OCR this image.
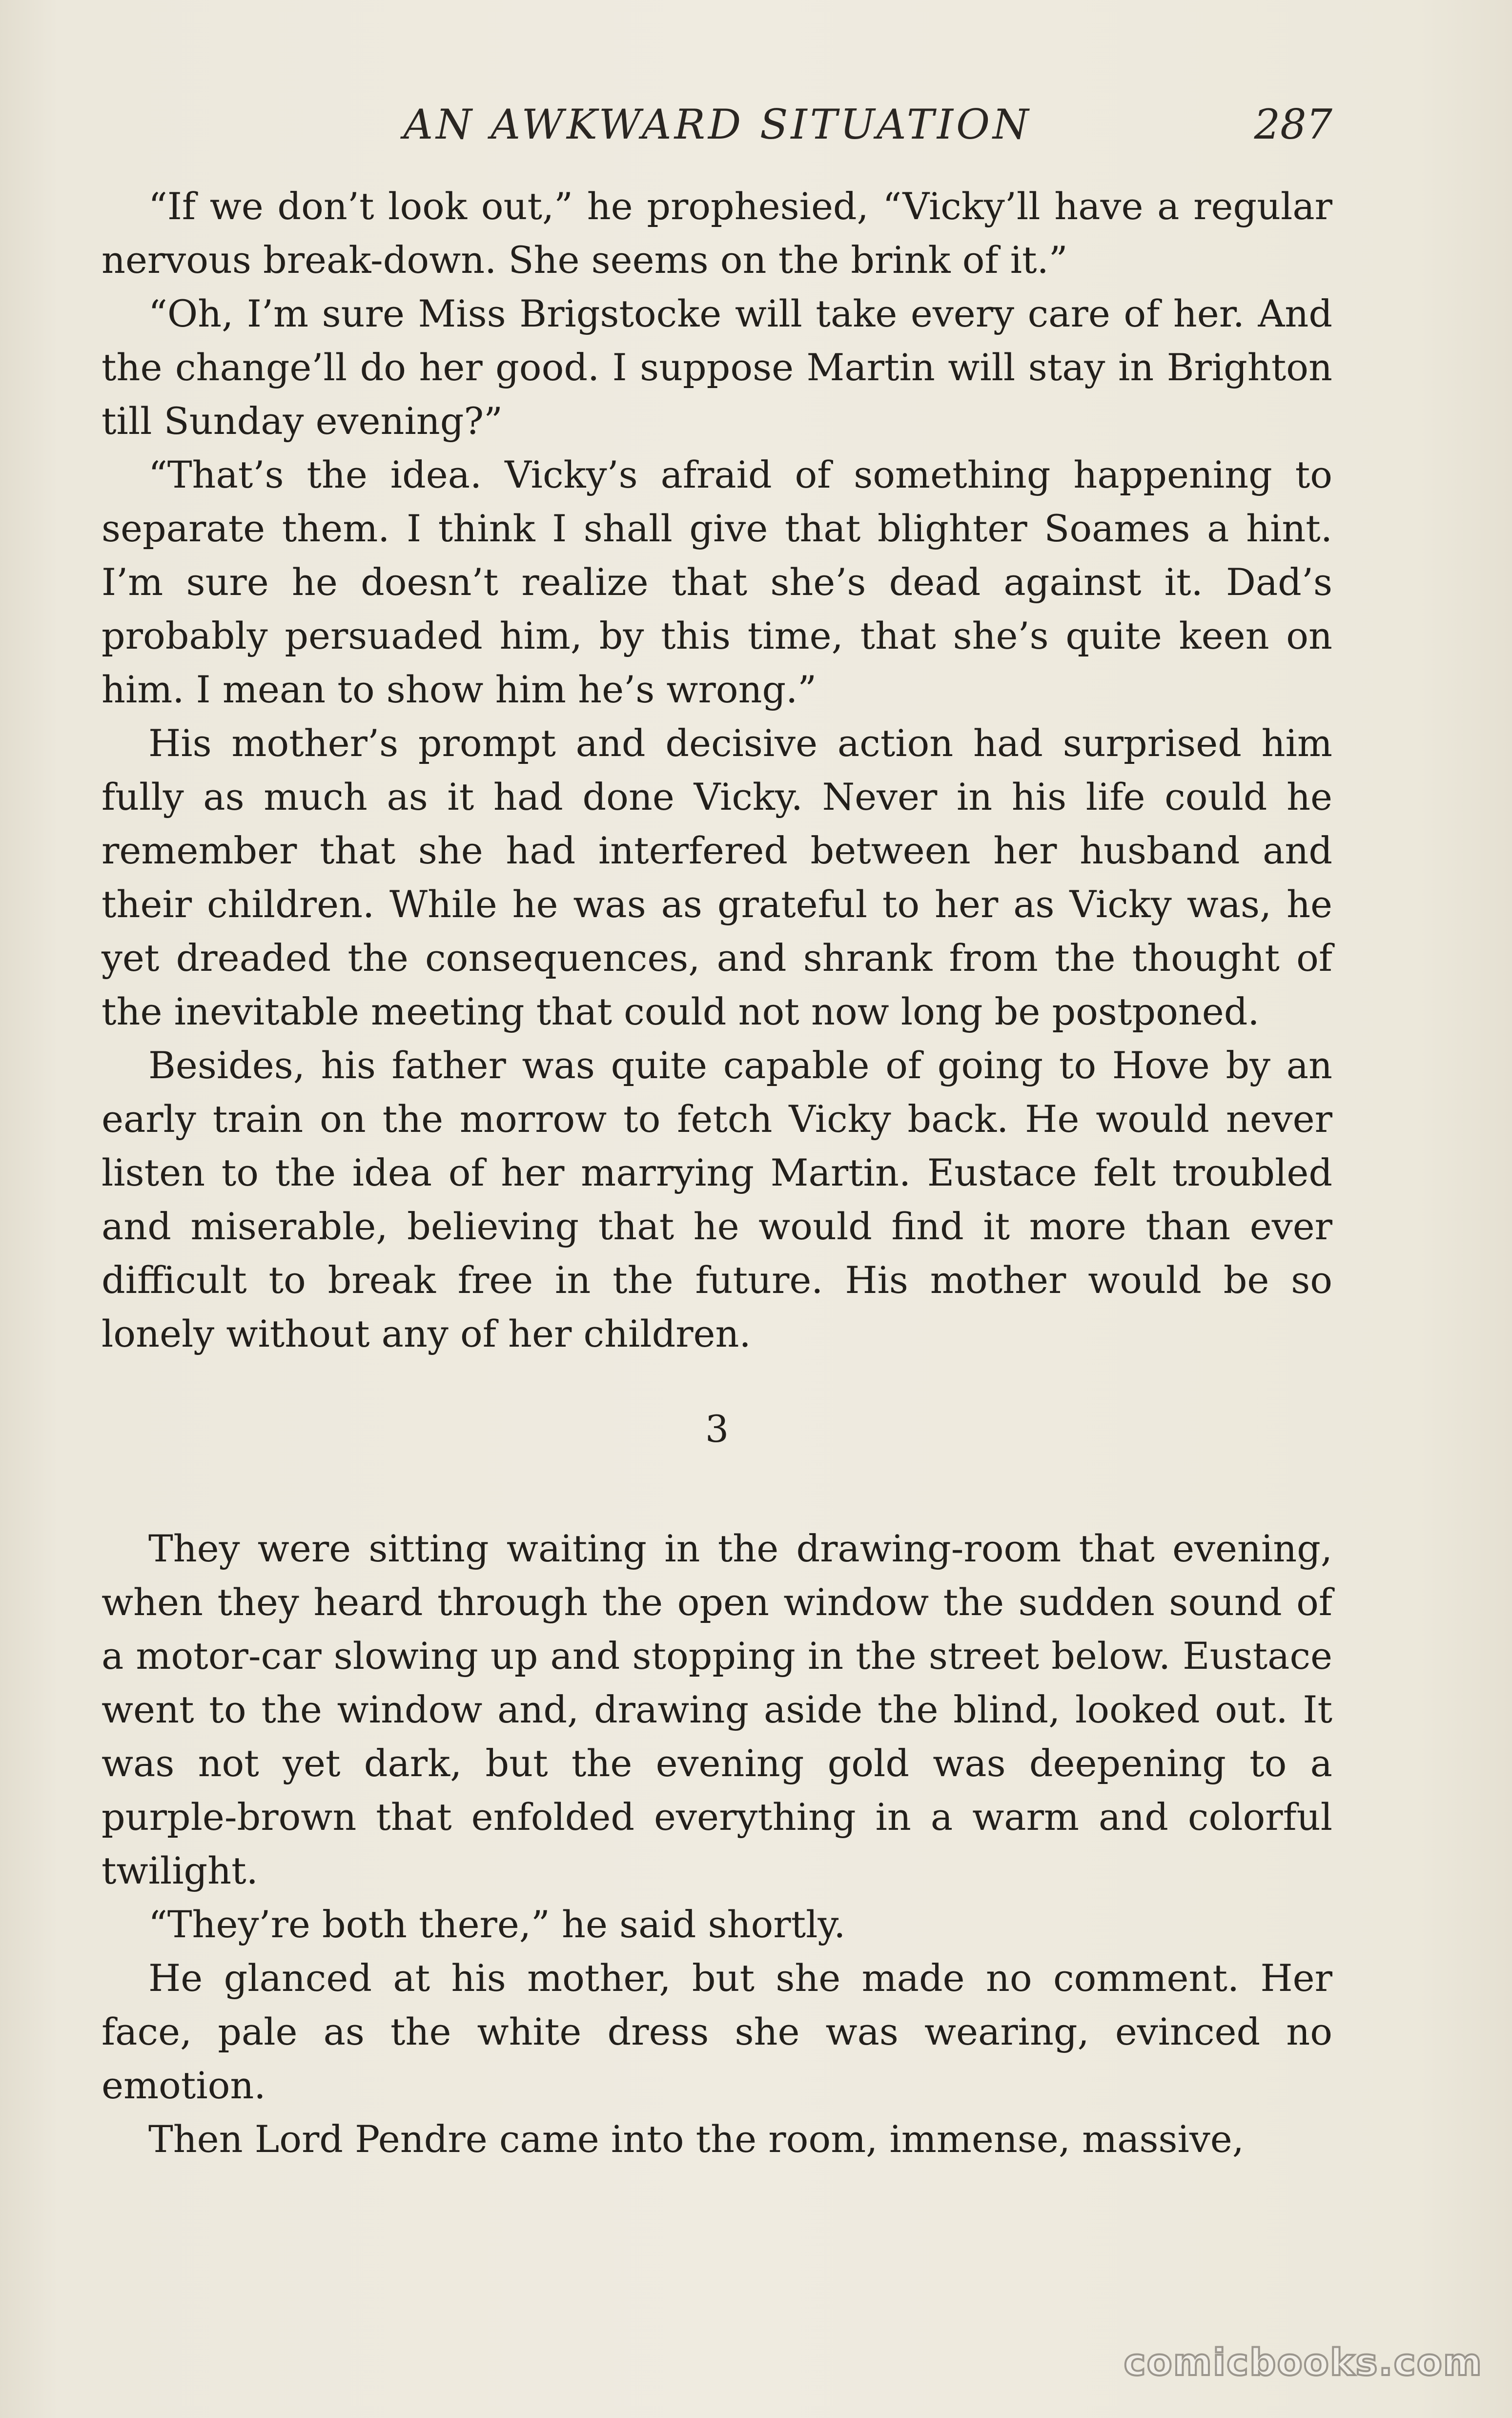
AN AWKWARD SITUATION	287

“If we don’t look out,” he prophesied, “Vicky’ll have a regular nervous break-down. She seems on the brink of it.”

“Oh, I’m sure Miss Brigstocke will take every care of her. And the change’ll do her good. I suppose Martin will stay in Brighton till Sunday evening?”

“That’s the idea. Vicky’s afraid of something happening to separate them. I think I shall give that blighter Soames a hint. I’m sure he doesn’t realize that she’s dead against it. Dad’s probably persuaded him, by this time, that she’s quite keen on him. I mean to show him he’s wrong.”

His mother’s prompt and decisive action had surprised him fully as much as it had done Vicky. Never in his life could he remember that she had interfered between her husband and their children. While he was as grateful to her as Vicky was, he yet dreaded the consequences, and shrank from the thought of the inevitable meeting that could not now long be postponed.

Besides, his father was quite capable of going to Hove by an early train on the morrow to fetch Vicky back. He would never listen to the idea of her marrying Martin. Eustace felt troubled and miserable, believing that he would find it more than ever difficult to break free in the future. His mother would be so lonely without any of her children.

3

They were sitting waiting in the drawing-room that evening, when they heard through the open window the sudden sound of a motor-car slowing up and stopping in the street below. Eustace went to the window and, drawing aside the blind, looked out. It was not yet dark, but the evening gold was deepening to a purple-brown that enfolded everything in a warm and colorful twilight.

“They’re both there,” he said shortly.

He glanced at his mother, but she made no comment. Her face, pale as the white dress she was wearing, evinced no emotion.

Then Lord Pendre came into the room, immense, massive,

comicbooks.com
